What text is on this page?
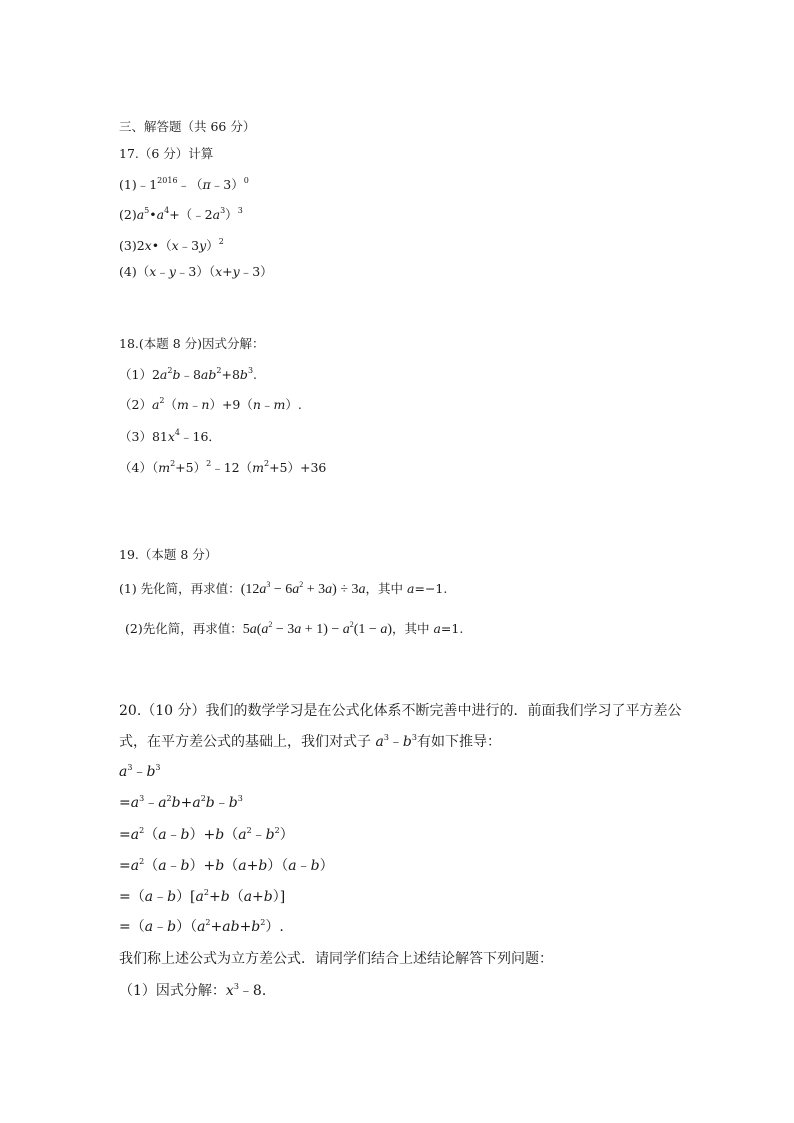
三、解答题（共 66 分）
17.（6 分）计算
$(1)﹣1^{2016}﹣(\pi﹣3)^0$
$(2)a^5•a^4+(﹣2a^3)^3$
(3)2x•（x﹣3y）$^2$
(4)（x﹣y﹣3）（x+y﹣3）
18.(本题 8 分)因式分解：
$(1)2a^2b﹣8ab^2+8b^3$.
$(2)a^2(m﹣n)+9(n﹣m)$.
$(3)81x^4﹣16$．
$(4)(m^2+5)^2﹣12(m^2+5)+36$
19.（本题 8 分）
(1) 先化简，再求值：$(12a^3 - 6a^2 + 3a) \div 3a$，其中 a=−1.
(2)先化简，再求值：$5a(a^2 - 3a + 1) - a^2(1 - a)$，其中 a=1.
20.（10 分）我们的数学学习是在公式化体系不断完善中进行的．前面我们学习了平方差公
式，在平方差公式的基础上，我们对式子 $a^3﹣b^3$有如下推导：
$a^3﹣b^3$
$=a^3﹣a^2b+a^2b﹣b^3$
$=a^2(a﹣b)+b(a^2﹣b^2)$
$=a^2(a﹣b)+b(a+b)(a﹣b)$
$=(a﹣b)[a^2+b(a+b)]$
$=(a﹣b)(a^2+ab+b^2)$.
我们称上述公式为立方差公式．请同学们结合上述结论解答下列问题：
（1）因式分解：$x^3﹣8$．
